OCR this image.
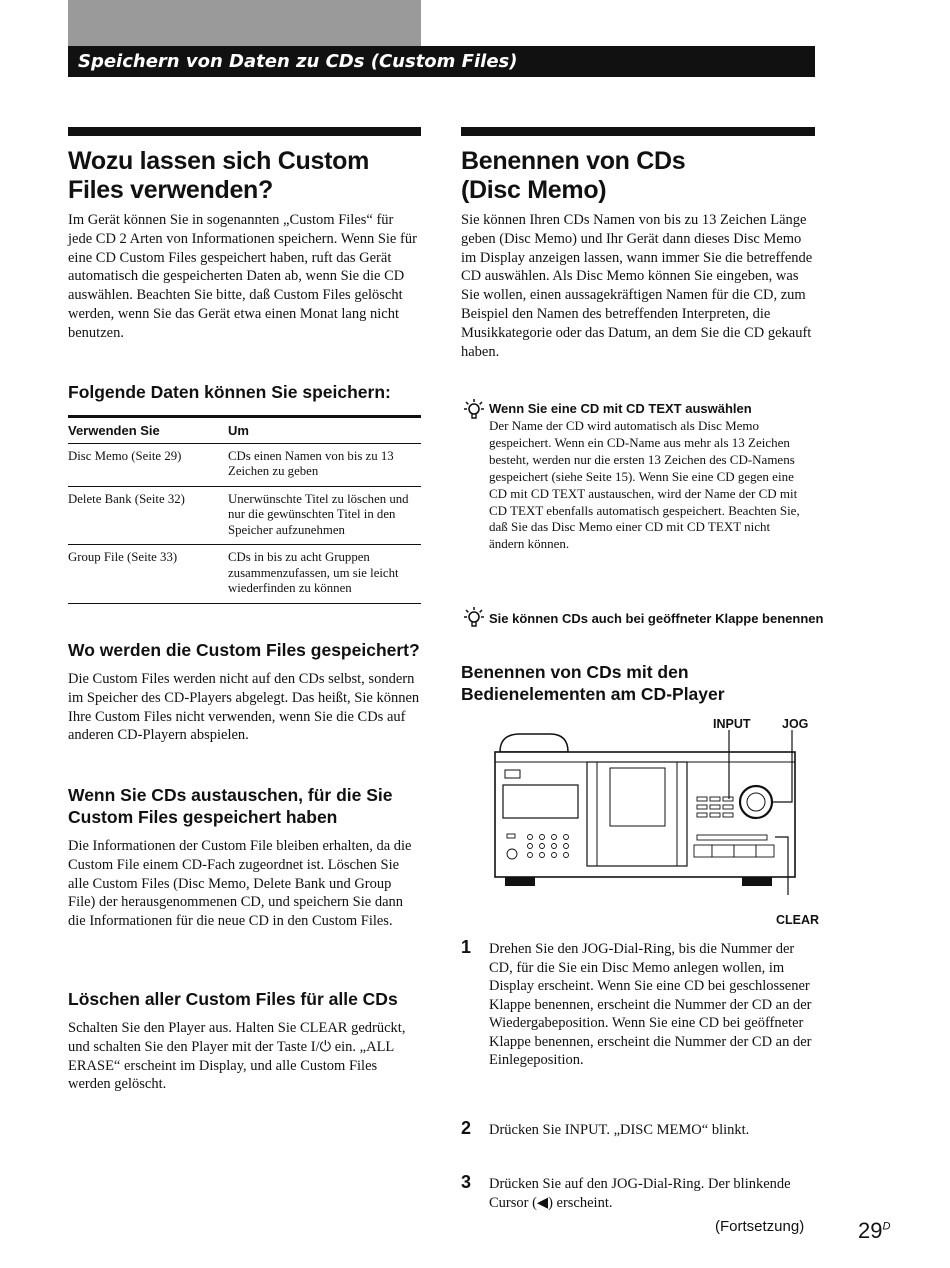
Speichern von Daten zu CDs (Custom Files)
Wozu lassen sich Custom Files verwenden?

Im Gerät können Sie in sogenannten „Custom Files“ für jede CD 2 Arten von Informationen speichern. Wenn Sie für eine CD Custom Files gespeichert haben, ruft das Gerät automatisch die gespeicherten Daten ab, wenn Sie die CD auswählen. Beachten Sie bitte, daß Custom Files gelöscht werden, wenn Sie das Gerät etwa einen Monat lang nicht benutzen.

Folgende Daten können Sie speichern:
Verwenden Sie	Um
Disc Memo (Seite 29)	CDs einen Namen von bis zu 13 Zeichen zu geben
Delete Bank (Seite 32)	Unerwünschte Titel zu löschen und nur die gewünschten Titel in den Speicher aufzunehmen
Group File (Seite 33)	CDs in bis zu acht Gruppen zusammenzufassen, um sie leicht wiederfinden zu können
Wo werden die Custom Files gespeichert?

Die Custom Files werden nicht auf den CDs selbst, sondern im Speicher des CD-Players abgelegt. Das heißt, Sie können Ihre Custom Files nicht verwenden, wenn Sie die CDs auf anderen CD-Playern abspielen.

Wenn Sie CDs austauschen, für die Sie Custom Files gespeichert haben

Die Informationen der Custom File bleiben erhalten, da die Custom File einem CD-Fach zugeordnet ist. Löschen Sie alle Custom Files (Disc Memo, Delete Bank und Group File) der herausgenommenen CD, und speichern Sie dann die Informationen für die neue CD in den Custom Files.

Löschen aller Custom Files für alle CDs

Schalten Sie den Player aus. Halten Sie CLEAR gedrückt, und schalten Sie den Player mit der Taste I/⏻ ein. „ALL ERASE“ erscheint im Display, und alle Custom Files werden gelöscht.

Benennen von CDs
(Disc Memo)

Sie können Ihren CDs Namen von bis zu 13 Zeichen Länge geben (Disc Memo) und Ihr Gerät dann dieses Disc Memo im Display anzeigen lassen, wann immer Sie die betreffende CD auswählen. Als Disc Memo können Sie eingeben, was Sie wollen, einen aussagekräftigen Namen für die CD, zum Beispiel den Namen des betreffenden Interpreten, die Musikkategorie oder das Datum, an dem Sie die CD gekauft haben.

Wenn Sie eine CD mit CD TEXT auswählen
Der Name der CD wird automatisch als Disc Memo gespeichert. Wenn ein CD-Name aus mehr als 13 Zeichen besteht, werden nur die ersten 13 Zeichen des CD-Namens gespeichert (siehe Seite 15). Wenn Sie eine CD gegen eine CD mit CD TEXT austauschen, wird der Name der CD mit CD TEXT ebenfalls automatisch gespeichert. Beachten Sie, daß Sie das Disc Memo einer CD mit CD TEXT nicht ändern können.
Sie können CDs auch bei geöffneter Klappe benennen
Benennen von CDs mit den Bedienelementen am CD-Player
INPUT	JOG
CLEAR
1 Drehen Sie den JOG-Dial-Ring, bis die Nummer der CD, für die Sie ein Disc Memo anlegen wollen, im Display erscheint. Wenn Sie eine CD bei geschlossener Klappe benennen, erscheint die Nummer der CD an der Wiedergabeposition. Wenn Sie eine CD bei geöffneter Klappe benennen, erscheint die Nummer der CD an der Einlegeposition.
2 Drücken Sie INPUT. „DISC MEMO“ blinkt.
3 Drücken Sie auf den JOG-Dial-Ring. Der blinkende Cursor (◀) erscheint.
(Fortsetzung) $29^D$
